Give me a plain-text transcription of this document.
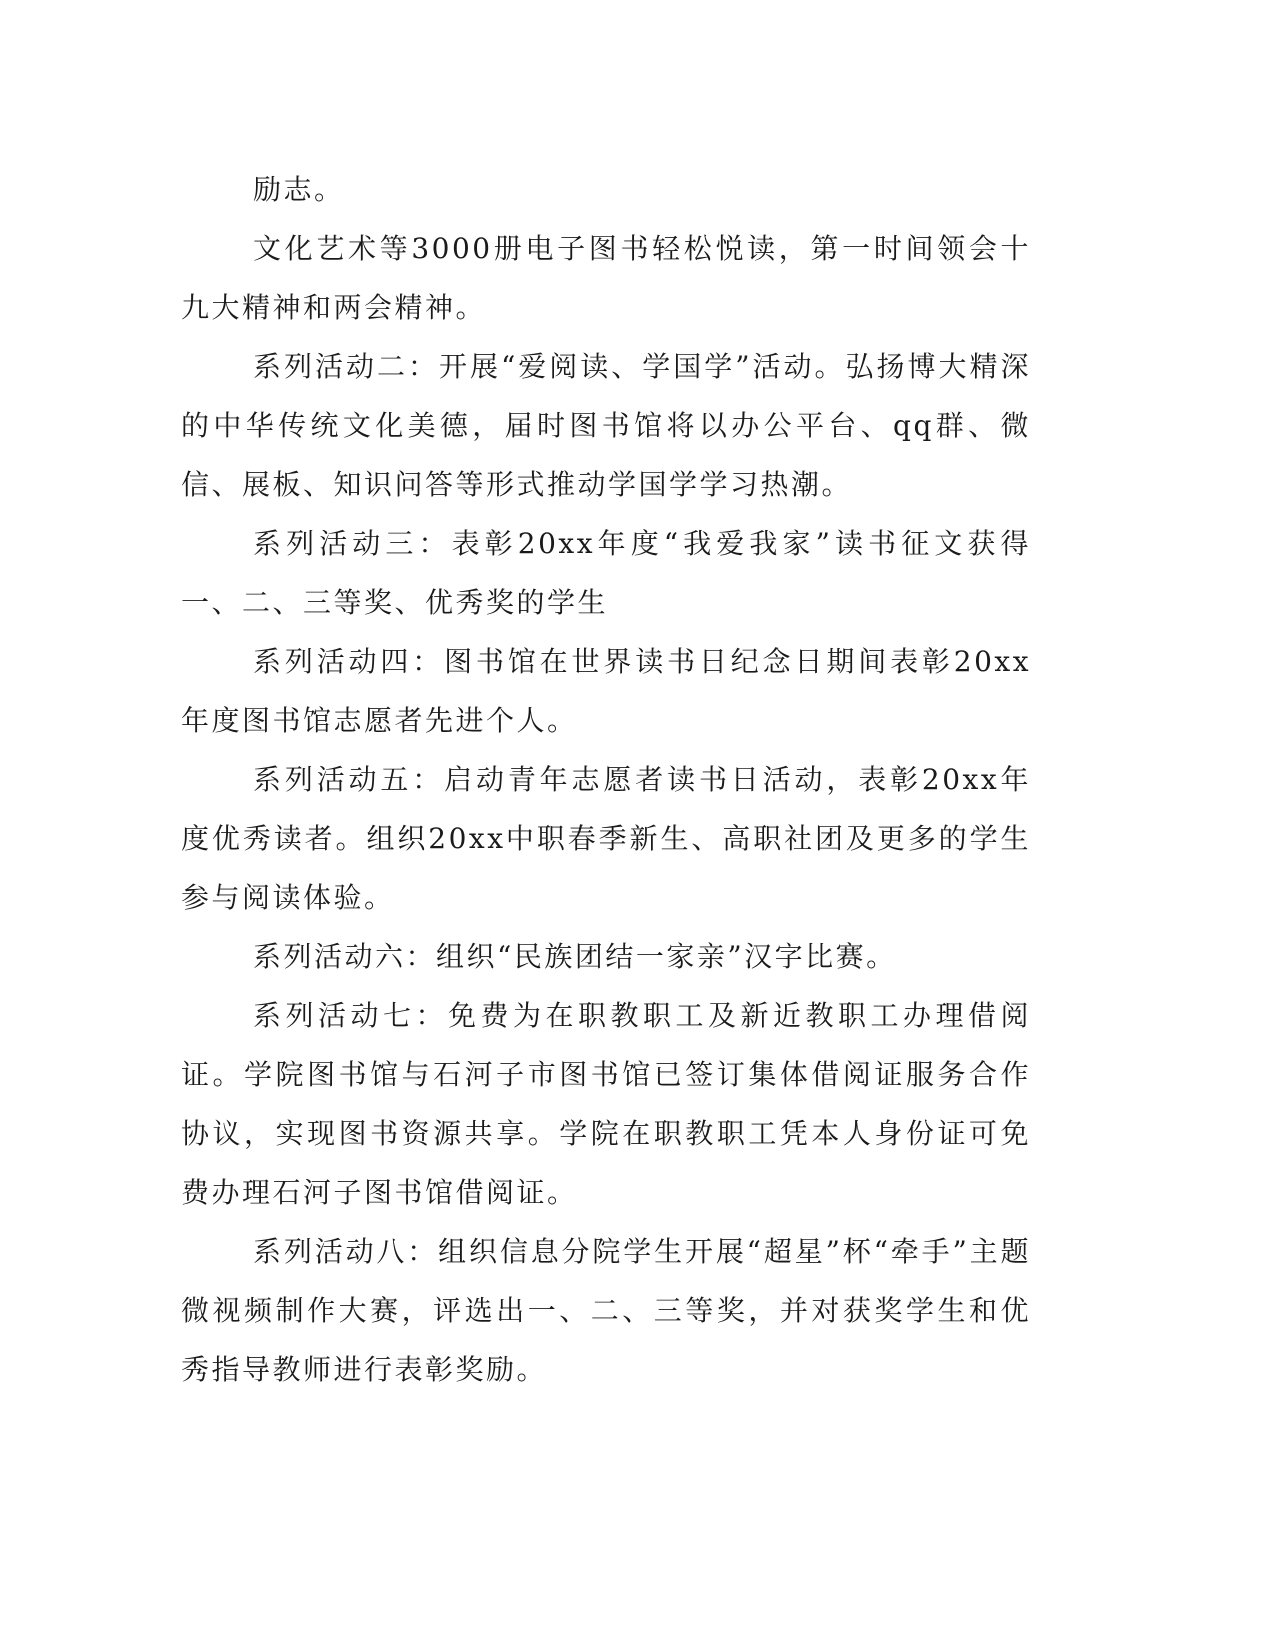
励志。

文化艺术等3000册电子图书轻松悦读，第一时间领会十九大精神和两会精神。

系列活动二：开展“爱阅读、学国学”活动。弘扬博大精深的中华传统文化美德，届时图书馆将以办公平台、qq群、微信、展板、知识问答等形式推动学国学学习热潮。

系列活动三：表彰20xx年度“我爱我家”读书征文获得一、二、三等奖、优秀奖的学生

系列活动四：图书馆在世界读书日纪念日期间表彰20xx年度图书馆志愿者先进个人。

系列活动五：启动青年志愿者读书日活动，表彰20xx年度优秀读者。组织20xx中职春季新生、高职社团及更多的学生参与阅读体验。

系列活动六：组织“民族团结一家亲”汉字比赛。

系列活动七：免费为在职教职工及新近教职工办理借阅证。学院图书馆与石河子市图书馆已签订集体借阅证服务合作协议，实现图书资源共享。学院在职教职工凭本人身份证可免费办理石河子图书馆借阅证。

系列活动八：组织信息分院学生开展“超星”杯“牵手”主题微视频制作大赛，评选出一、二、三等奖，并对获奖学生和优秀指导教师进行表彰奖励。
